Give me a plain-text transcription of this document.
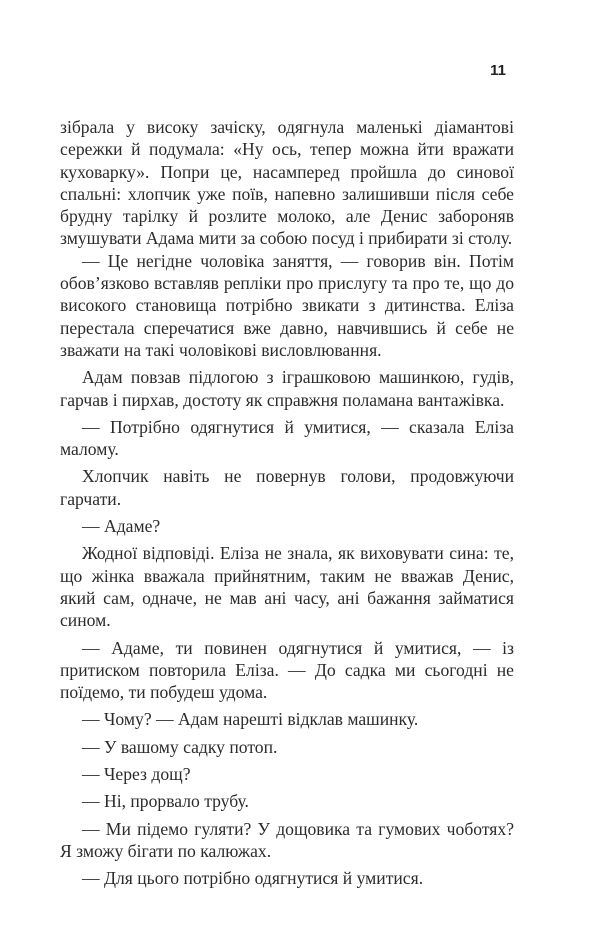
11

зібрала у високу зачіску, одягнула маленькі діамантові сережки й подумала: «Ну ось, тепер можна йти вражати куховарку». Попри це, насамперед пройшла до синової спальні: хлопчик уже поїв, напевно залишивши після себе брудну тарілку й розлите молоко, але Денис забороняв змушувати Адама мити за собою посуд і прибирати зі столу.

— Це негідне чоловіка заняття, — говорив він. Потім обов’язково вставляв репліки про прислугу та про те, що до високого становища потрібно звикати з дитинства. Еліза перестала сперечатися вже давно, навчившись й себе не зважати на такі чоловікові висловлювання.

Адам повзав підлогою з іграшковою машинкою, гудів, гарчав і пирхав, достоту як справжня поламана вантажівка.

— Потрібно одягнутися й умитися, — сказала Еліза малому.

Хлопчик навіть не повернув голови, продовжуючи гарчати.

— Адаме?

Жодної відповіді. Еліза не знала, як виховувати сина: те, що жінка вважала прийнятним, таким не вважав Денис, який сам, одначе, не мав ані часу, ані бажання займатися сином.

— Адаме, ти повинен одягнутися й умитися, — із притиском повторила Еліза. — До садка ми сьогодні не поїдемо, ти побудеш удома.

— Чому? — Адам нарешті відклав машинку.

— У вашому садку потоп.

— Через дощ?

— Ні, прорвало трубу.

— Ми підемо гуляти? У дощовика та гумових чоботях? Я зможу бігати по калюжах.

— Для цього потрібно одягнутися й умитися.
